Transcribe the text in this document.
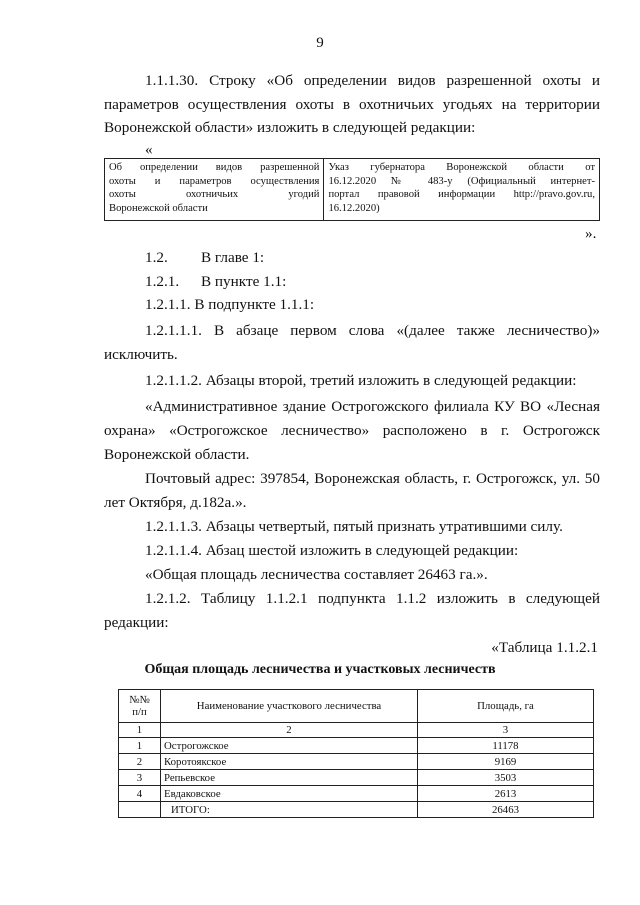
9
1.1.1.30. Строку «Об определении видов разрешенной охоты и
параметров осуществления охоты в охотничьих угодьях на территории
Воронежской области» изложить в следующей редакции:
«
Об определении видов разрешенной
охоты и параметров осуществления
охоты охотничьих угодий
Воронежской области

Указ губернатора Воронежской области от
16.12.2020 № 483-у (Официальный интернет-
портал правовой информации http://pravo.gov.ru,
16.12.2020)
».
1.2. В главе 1:
1.2.1. В пункте 1.1:
1.2.1.1. В подпункте 1.1.1:
1.2.1.1.1. В абзаце первом слова «(далее также лесничество)»
исключить.
1.2.1.1.2. Абзацы второй, третий изложить в следующей редакции:
«Административное здание Острогожского филиала КУ ВО «Лесная
охрана» «Острогожское лесничество» расположено в г. Острогожск
Воронежской области.
Почтовый адрес: 397854, Воронежская область, г. Острогожск, ул. 50
лет Октября, д.182а.».
1.2.1.1.3. Абзацы четвертый, пятый признать утратившими силу.
1.2.1.1.4. Абзац шестой изложить в следующей редакции:
«Общая площадь лесничества составляет 26463 га.».
1.2.1.2. Таблицу 1.1.2.1 подпункта 1.1.2 изложить в следующей
редакции:
«Таблица 1.1.2.1
Общая площадь лесничества и участковых лесничеств
№№
п/п	Наименование участкового лесничества	Площадь, га
1	2	3
1	Острогожское	11178
2	Коротоякское	9169
3	Репьевское	3503
4	Евдаковское	2613
	ИТОГО:	26463
